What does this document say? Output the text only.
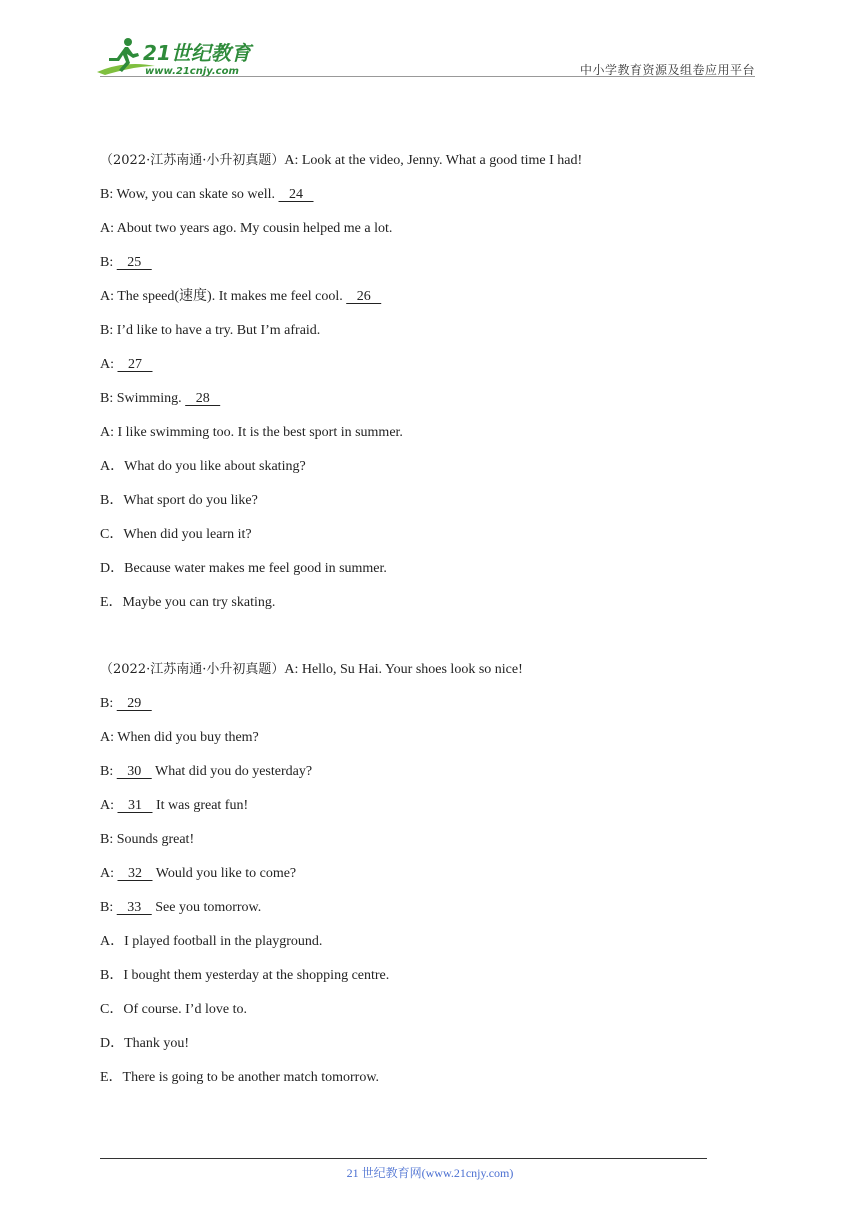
21世纪教育
www.21cnjy.com	中小学教育资源及组卷应用平台
（2022·江苏南通·小升初真题）A: Look at the video, Jenny. What a good time I had!
B: Wow, you can skate so well.    24
A: About two years ago. My cousin helped me a lot.
B:    25
A: The speed(速度). It makes me feel cool.    26
B: I’d like to have a try. But I’m afraid.
A:    27
B: Swimming.    28
A: I like swimming too. It is the best sport in summer.
A．What do you like about skating?
B．What sport do you like?
C．When did you learn it?
D．Because water makes me feel good in summer.
E．Maybe you can try skating.
（2022·江苏南通·小升初真题）A: Hello, Su Hai. Your shoes look so nice!
B:    29
A: When did you buy them?
B:    30    What did you do yesterday?
A:    31    It was great fun!
B: Sounds great!
A:    32    Would you like to come?
B:    33    See you tomorrow.
A．I played football in the playground.
B．I bought them yesterday at the shopping centre.
C．Of course. I’d love to.
D．Thank you!
E．There is going to be another match tomorrow.
21 世纪教育网(www.21cnjy.com)
